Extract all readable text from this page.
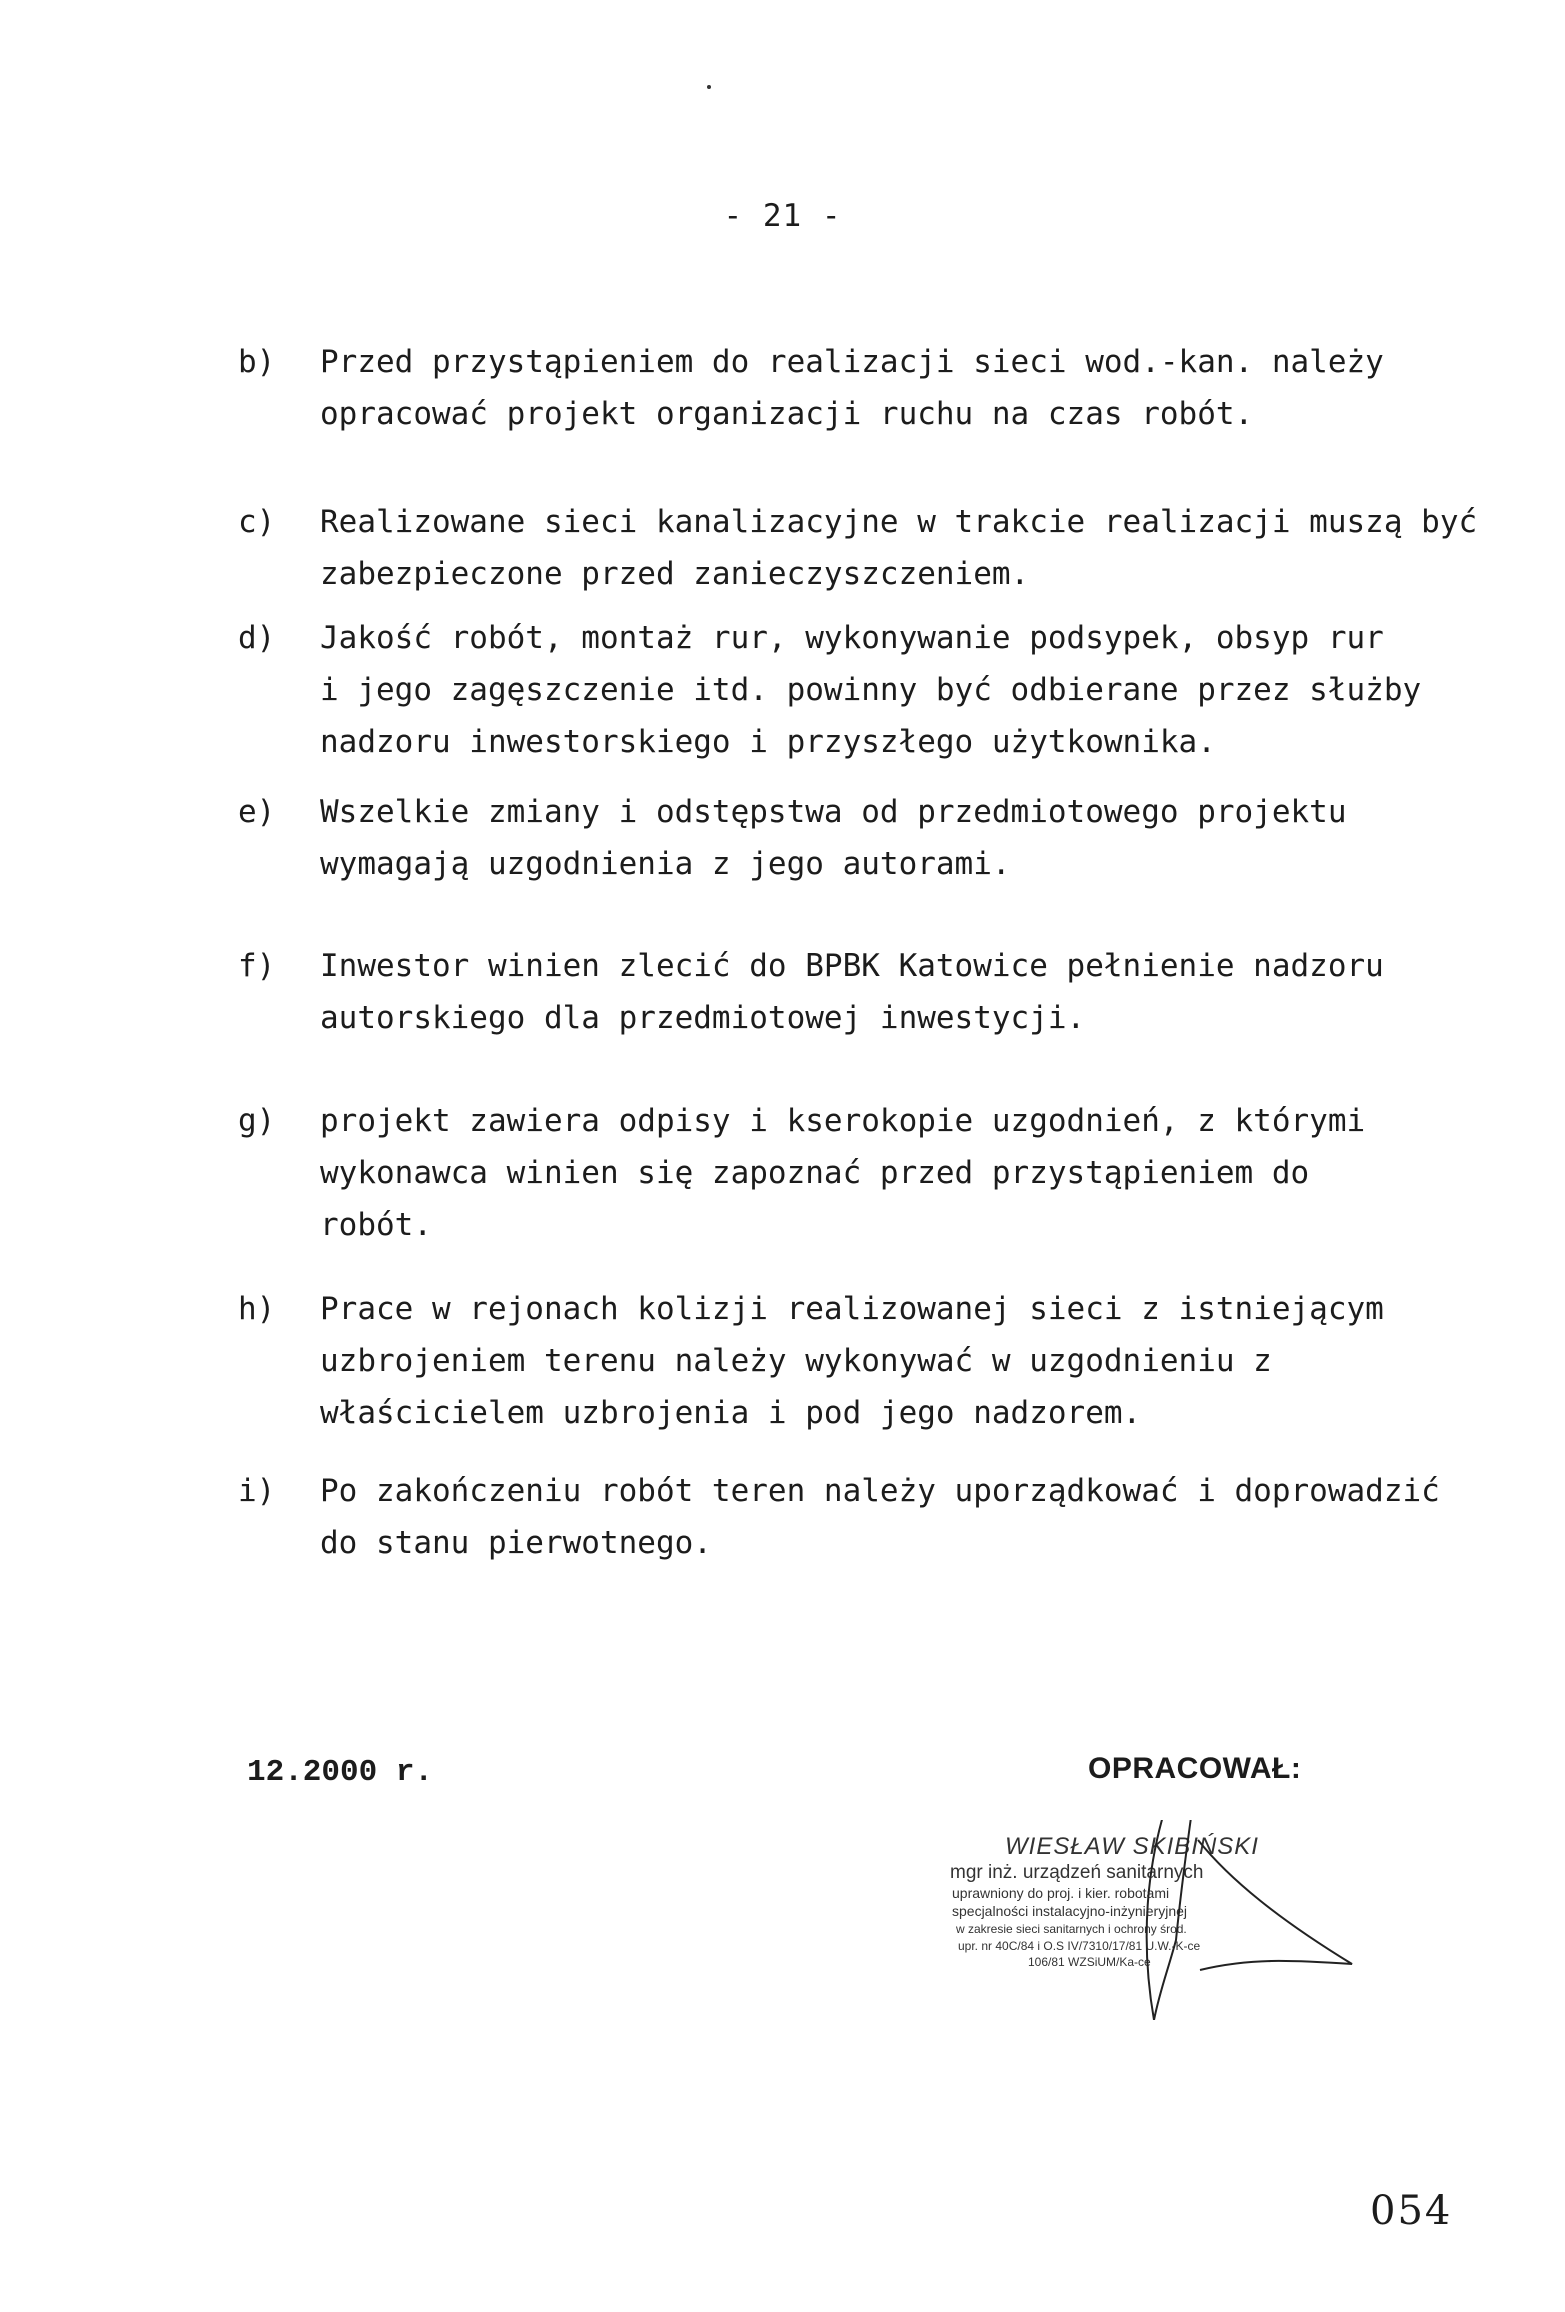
- 21 -
b) Przed przystąpieniem do realizacji sieci wod.-kan. należy
opracować projekt organizacji ruchu na czas robót.
c) Realizowane sieci kanalizacyjne w trakcie realizacji muszą być
zabezpieczone przed zanieczyszczeniem.
d) Jakość robót, montaż rur, wykonywanie podsypek, obsyp rur
i jego zagęszczenie itd. powinny być odbierane przez służby
nadzoru inwestorskiego i przyszłego użytkownika.
e) Wszelkie zmiany i odstępstwa od przedmiotowego projektu
wymagają uzgodnienia z jego autorami.
f) Inwestor winien zlecić do BPBK Katowice pełnienie nadzoru
autorskiego dla przedmiotowej inwestycji.
g) projekt zawiera odpisy i kserokopie uzgodnień, z którymi
wykonawca winien się zapoznać przed przystąpieniem do
robót.
h) Prace w rejonach kolizji realizowanej sieci z istniejącym
uzbrojeniem terenu należy wykonywać w uzgodnieniu z
właścicielem uzbrojenia i pod jego nadzorem.
i) Po zakończeniu robót teren należy uporządkować i doprowadzić
do stanu pierwotnego.
12.2000 r.	OPRACOWAŁ:
WIESŁAW SKIBIŃSKI
mgr inż. urządzeń sanitarnych
uprawniony do proj. i kier. robotami
specjalności instalacyjno-inżynieryjnej
w zakresie sieci sanitarnych i ochrony środ.
upr. nr 40C/84 i O.S IV/7310/17/81 U.W.-K-ce
106/81 WZSiUM/Ka-ce
054
